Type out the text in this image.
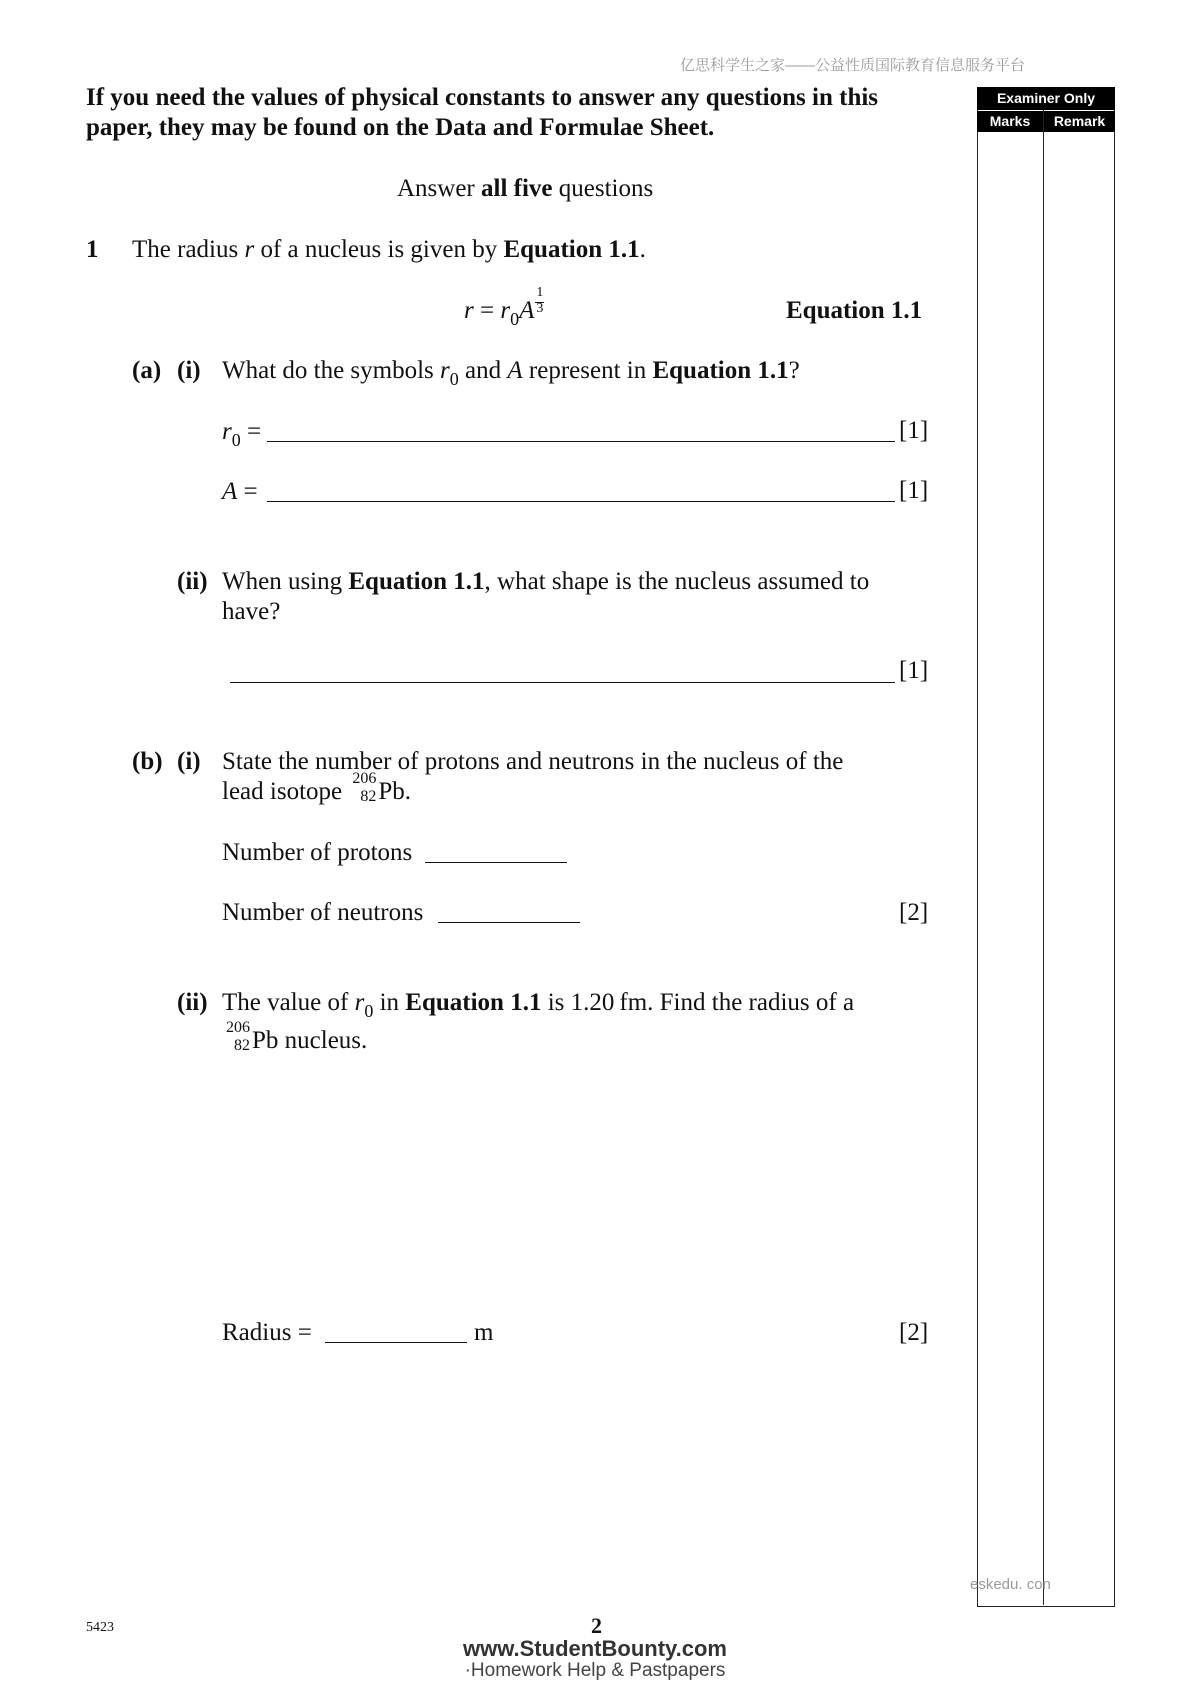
亿思科学生之家——公益性质国际教育信息服务平台
Examiner Only
Marks	Remark
If you need the values of physical constants to answer any questions in this
paper, they may be found on the Data and Formulae Sheet.
Answer all five questions
1 The radius r of a nucleus is given by Equation 1.1.
$r = r_0A \frac{1}{3}$	Equation 1.1
(a) (i) What do the symbols $r_0$ and A represent in Equation 1.1?
$r_0$ =	[1]
A =	[1]
(ii) When using Equation 1.1, what shape is the nucleus assumed to
have?
[1]
(b) (i) State the number of protons and neutrons in the nucleus of the
lead isotope 206
82 Pb.
Number of protons
Number of neutrons	[2]
(ii) The value of $r_0$ in Equation 1.1 is 1.20 fm. Find the radius of a
206
82 Pb nucleus.
Radius =	m	[2]
eskedu. con
5423	2
www.StudentBounty.com
·Homework Help & Pastpapers
